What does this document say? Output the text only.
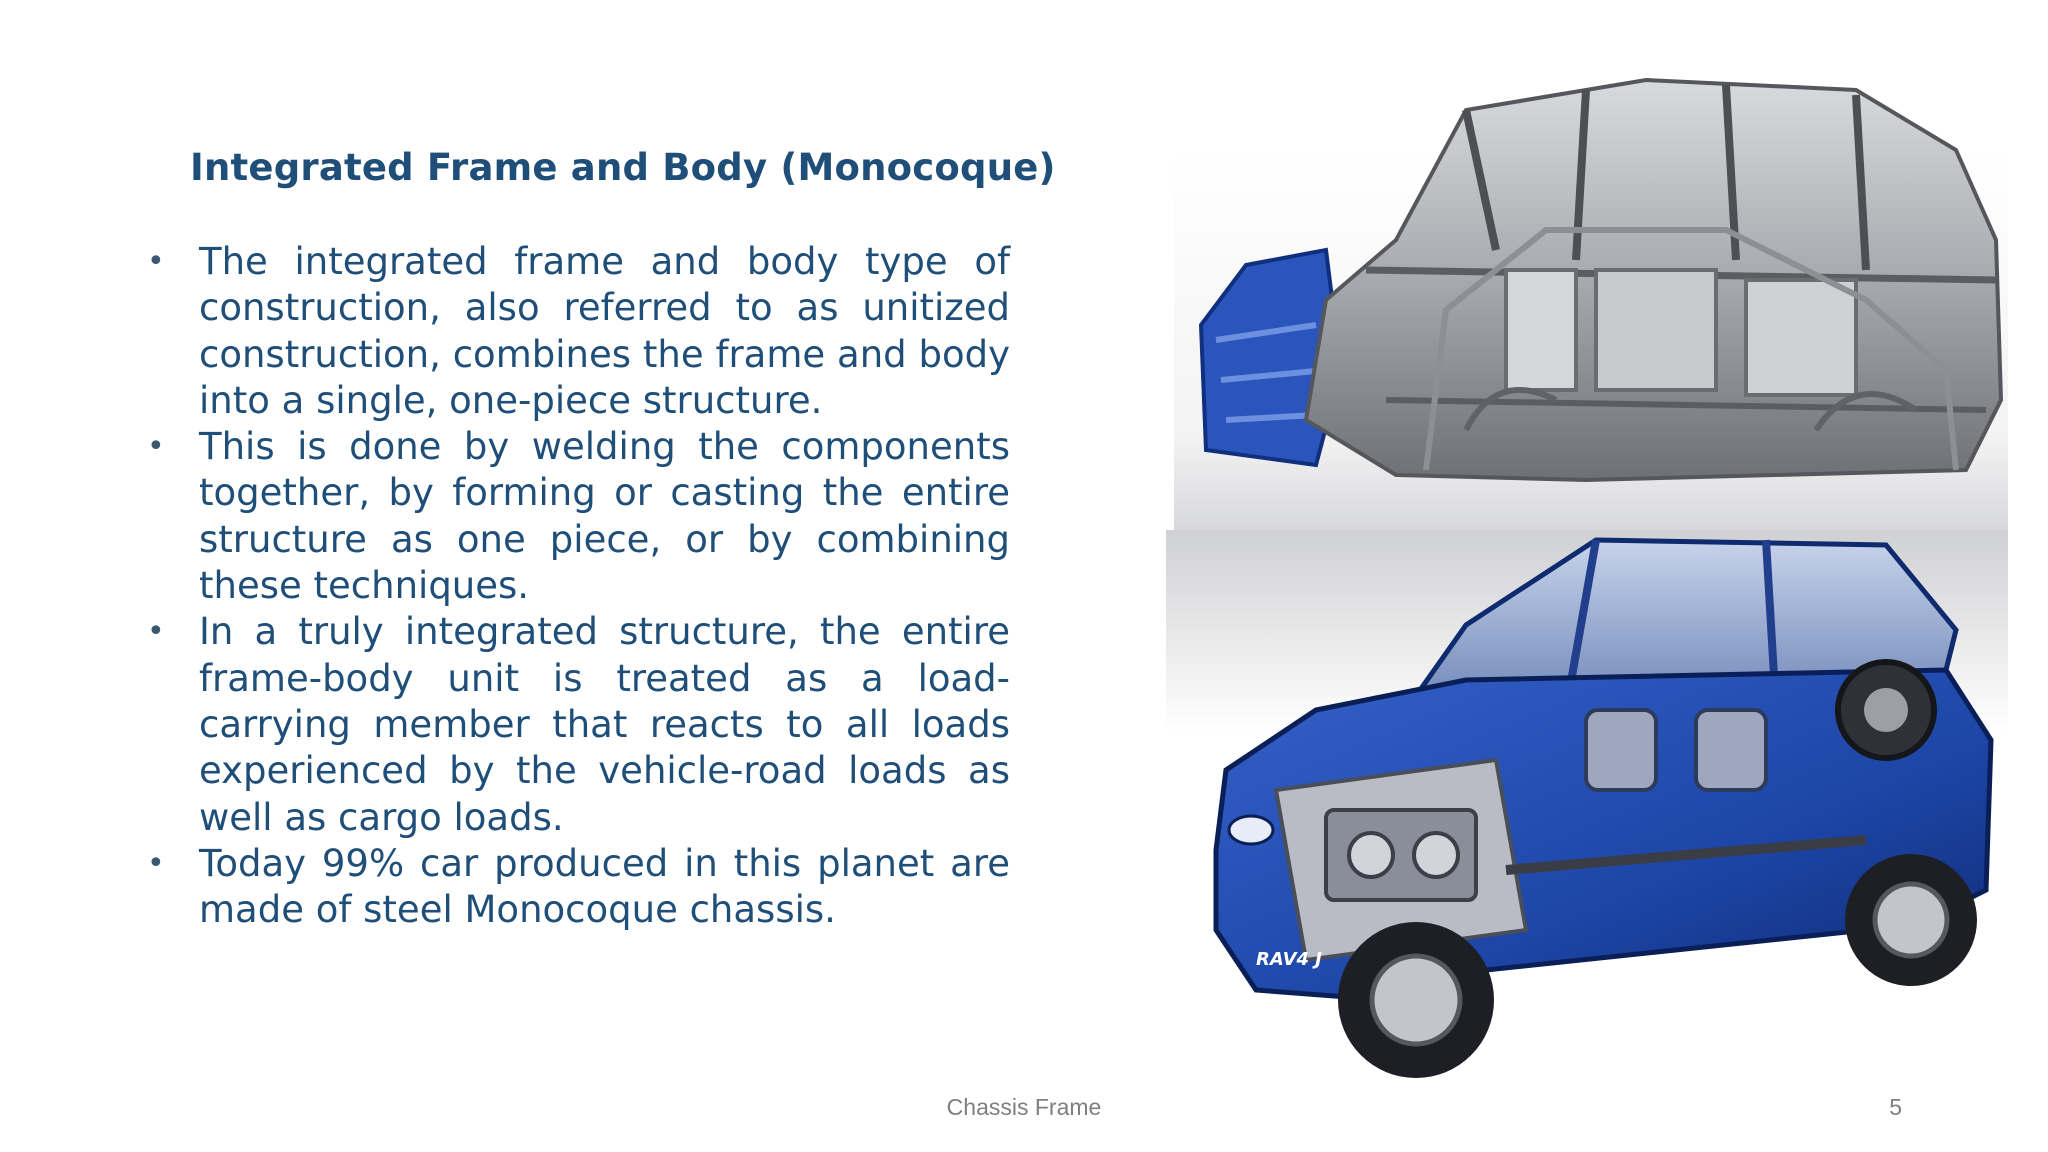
Integrated Frame and Body (Monocoque)
• The integrated frame and body type of construction, also referred to as unitized construction, combines the frame and body into a single, one-piece structure.
• This is done by welding the components together, by forming or casting the entire structure as one piece, or by combining these techniques.
• In a truly integrated structure, the entire frame-body unit is treated as a load-carrying member that reacts to all loads experienced by the vehicle-road loads as well as cargo loads.
• Today 99% car produced in this planet are made of steel Monocoque chassis.
RAV4 J
Chassis Frame	5
